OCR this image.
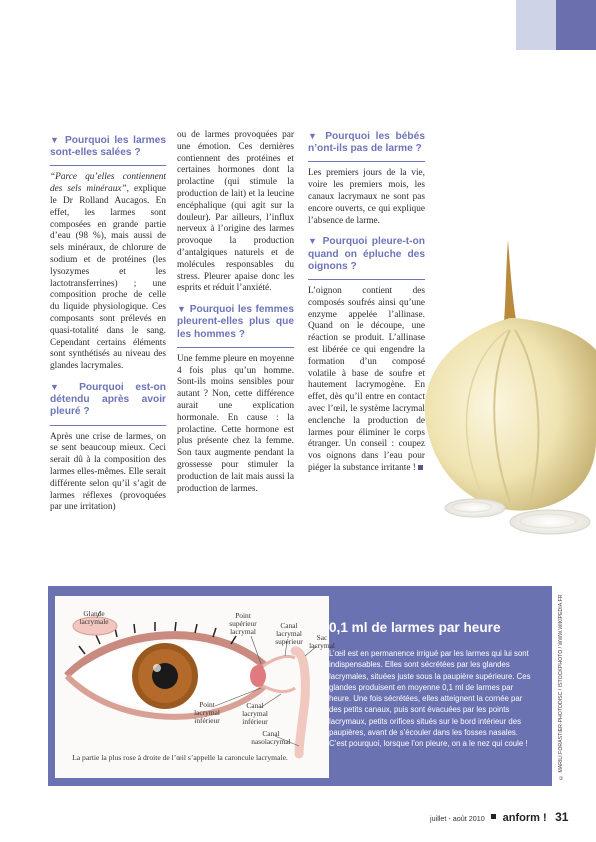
▼ Pourquoi les larmes sont-elles salées ?
“Parce qu’elles contiennent des sels minéraux”, explique le Dr Rolland Aucagos. En effet, les larmes sont composées en grande partie d’eau (98 %), mais aussi de sels minéraux, de chlorure de sodium et de protéines (les lysozymes et les lactotransferrines) ; une composition proche de celle du liquide physiologique. Ces composants sont prélevés en quasi-totalité dans le sang. Cependant certains éléments sont synthétisés au niveau des glandes lacrymales.
▼ Pourquoi est-on détendu après avoir pleuré ?
Après une crise de larmes, on se sent beaucoup mieux. Ceci serait dû à la composition des larmes elles-mêmes. Elle serait différente selon qu’il s’agit de larmes réflexes (provoquées par une irritation)
ou de larmes provoquées par une émotion. Ces dernières contiennent des protéines et certaines hormones dont la prolactine (qui stimule la production de lait) et la leucine encéphalique (qui agit sur la douleur). Par ailleurs, l’influx nerveux à l’origine des larmes provoque la production d’antalgiques naturels et de molécules responsables du stress. Pleurer apaise donc les esprits et réduit l’anxiété.
▼ Pourquoi les femmes pleurent-elles plus que les hommes ?
Une femme pleure en moyenne 4 fois plus qu’un homme. Sont-ils moins sensibles pour autant ? Non, cette différence aurait une explication hormonale. En cause : la prolactine. Cette hormone est plus présente chez la femme. Son taux augmente pendant la grossesse pour stimuler la production de lait mais aussi la production de larmes.
▼ Pourquoi les bébés n’ont-ils pas de larme ?
Les premiers jours de la vie, voire les premiers mois, les canaux lacrymaux ne sont pas encore ouverts, ce qui explique l’absence de larme.
▼ Pourquoi pleure-t-on quand on épluche des oignons ?
L’oignon contient des composés soufrés ainsi qu’une enzyme appelée l’allinase. Quand on le découpe, une réaction se produit. L’allinase est libérée ce qui engendre la formation d’un composé volatile à base de soufre et hautement lacrymogène. En effet, dès qu’il entre en contact avec l’œil, le système lacrymal enclenche la production de larmes pour éliminer le corps étranger. Un conseil : coupez vos oignons dans l’eau pour piéger la substance irritante !
Glande lacrymale
Point supérieur lacrymal
Canal lacrymal supérieur	Sac lacrymal
Point lacrymal inférieur
Canal lacrymal inférieur
Canal nasolacrymal
La partie la plus rose à droite de l’œil s’appelle la caroncule lacrymale.
0,1 ml de larmes par heure
L’œil est en permanence irrigué par les larmes qui lui sont indispensables. Elles sont sécrétées par les glandes lacrymales, situées juste sous la paupière supérieure. Ces glandes produisent en moyenne 0,1 ml de larmes par heure. Une fois sécrétées, elles atteignent la cornée par des petits canaux, puis sont évacuées par les points lacrymaux, petits orifices situés sur le bord intérieur des paupières, avant de s’écouler dans les fosses nasales. C’est pourquoi, lorsque l’on pleure, on a le nez qui coule !	© MARILI FORASTIER-PHOTODISC / ISTOCKPHOTO / WWW.WIKIPEDIA.FR
juillet - août 2010 anform ! 31
